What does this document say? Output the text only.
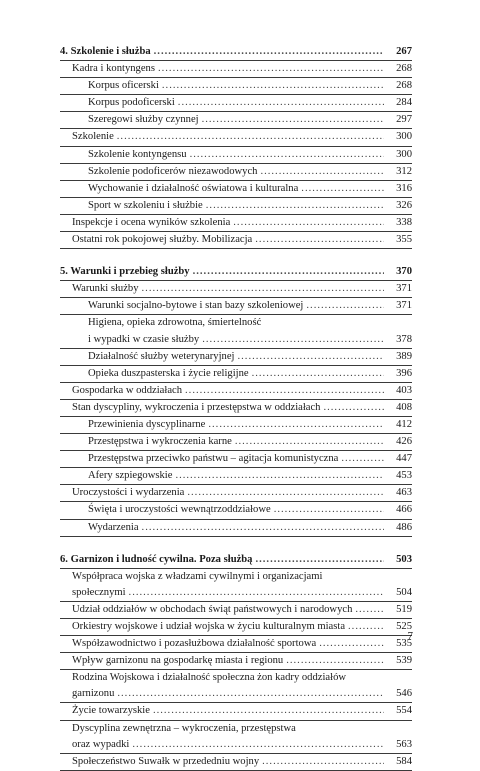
4. Szkolenie i służba .....	267
Kadra i kontyngens .....	268
Korpus oficerski .....	268
Korpus podoficerski .....	284
Szeregowi służby czynnej .....	297
Szkolenie .....	300
Szkolenie kontyngensu .....	300
Szkolenie podoficerów niezawodowych .....	312
Wychowanie i działalność oświatowa i kulturalna .....	316
Sport w szkoleniu i służbie .....	326
Inspekcje i ocena wyników szkolenia .....	338
Ostatni rok pokojowej służby. Mobilizacja .....	355
5. Warunki i przebieg służby .....	370
Warunki służby .....	371
Warunki socjalno-bytowe i stan bazy szkoleniowej .....	371
Higiena, opieka zdrowotna, śmiertelność
i wypadki w czasie służby .....	378
Działalność służby weterynaryjnej .....	389
Opieka duszpasterska i życie religijne .....	396
Gospodarka w oddziałach .....	403
Stan dyscypliny, wykroczenia i przestępstwa w oddziałach .....	408
Przewinienia dyscyplinarne .....	412
Przestępstwa i wykroczenia karne .....	426
Przestępstwa przeciwko państwu – agitacja komunistyczna .....	447
Afery szpiegowskie .....	453
Uroczystości i wydarzenia .....	463
Święta i uroczystości wewnątrzoddziałowe .....	466
Wydarzenia .....	486
6. Garnizon i ludność cywilna. Poza służbą .....	503
Współpraca wojska z władzami cywilnymi i organizacjami
społecznymi .....	504
Udział oddziałów w obchodach świąt państwowych i narodowych .....	519
Orkiestry wojskowe i udział wojska w życiu kulturalnym miasta .....	525
Współzawodnictwo i pozasłużbowa działalność sportowa .....	535
Wpływ garnizonu na gospodarkę miasta i regionu .....	539
Rodzina Wojskowa i działalność społeczna żon kadry oddziałów
garnizonu .....	546
Życie towarzyskie .....	554
Dyscyplina zewnętrzna – wykroczenia, przestępstwa
oraz wypadki .....	563
Społeczeństwo Suwałk w przededniu wojny .....	584
7
